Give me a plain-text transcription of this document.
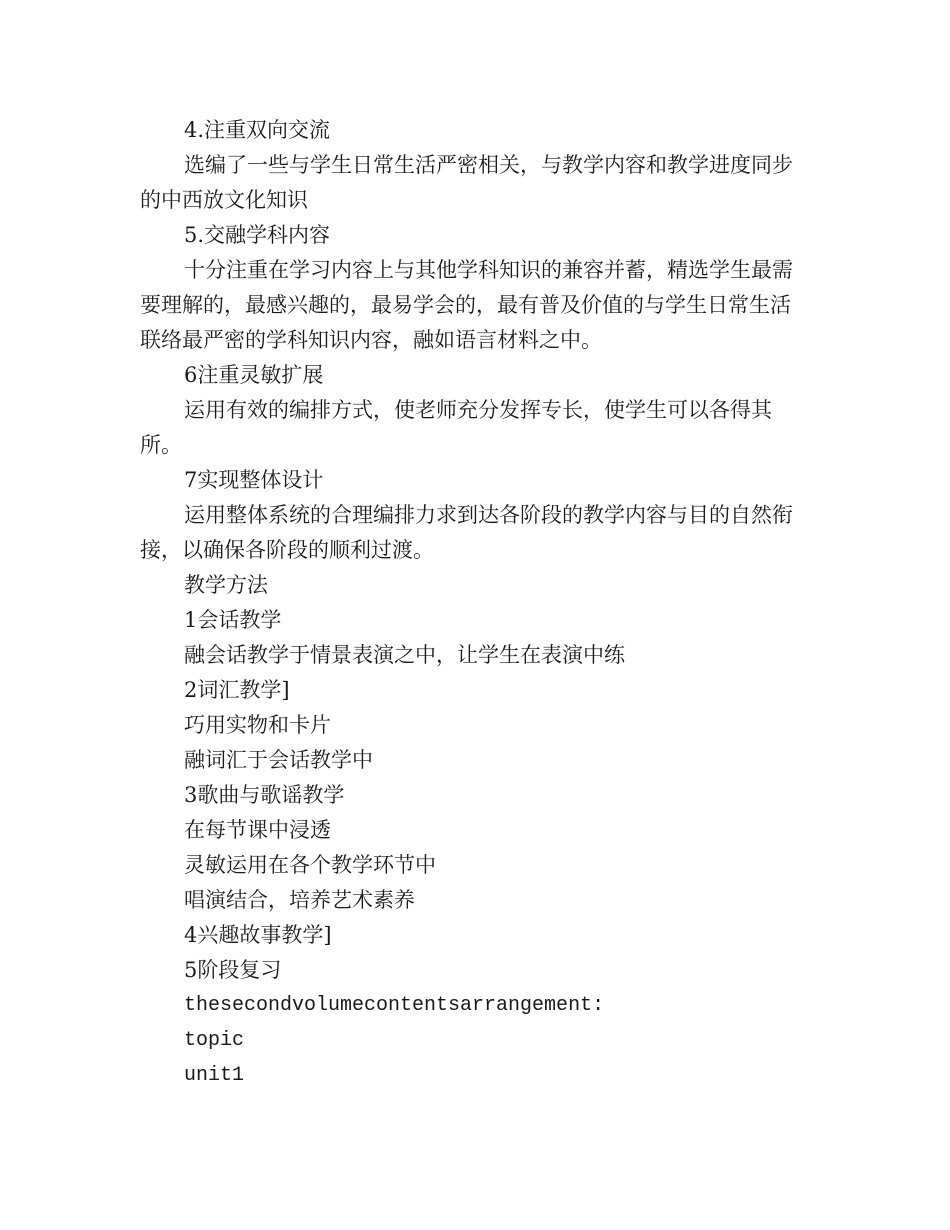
4.注重双向交流

选编了一些与学生日常生活严密相关，与教学内容和教学进度同步的中西放文化知识

5.交融学科内容

十分注重在学习内容上与其他学科知识的兼容并蓄，精选学生最需要理解的，最感兴趣的，最易学会的，最有普及价值的与学生日常生活联络最严密的学科知识内容，融如语言材料之中。

6注重灵敏扩展

运用有效的编排方式，使老师充分发挥专长，使学生可以各得其所。

7实现整体设计

运用整体系统的合理编排力求到达各阶段的教学内容与目的自然衔接，以确保各阶段的顺利过渡。

教学方法

1会话教学

融会话教学于情景表演之中，让学生在表演中练

2词汇教学]

巧用实物和卡片

融词汇于会话教学中

3歌曲与歌谣教学

在每节课中浸透

灵敏运用在各个教学环节中

唱演结合，培养艺术素养

4兴趣故事教学]

5阶段复习

thesecondvolumecontentsarrangement:

topic

unit1
